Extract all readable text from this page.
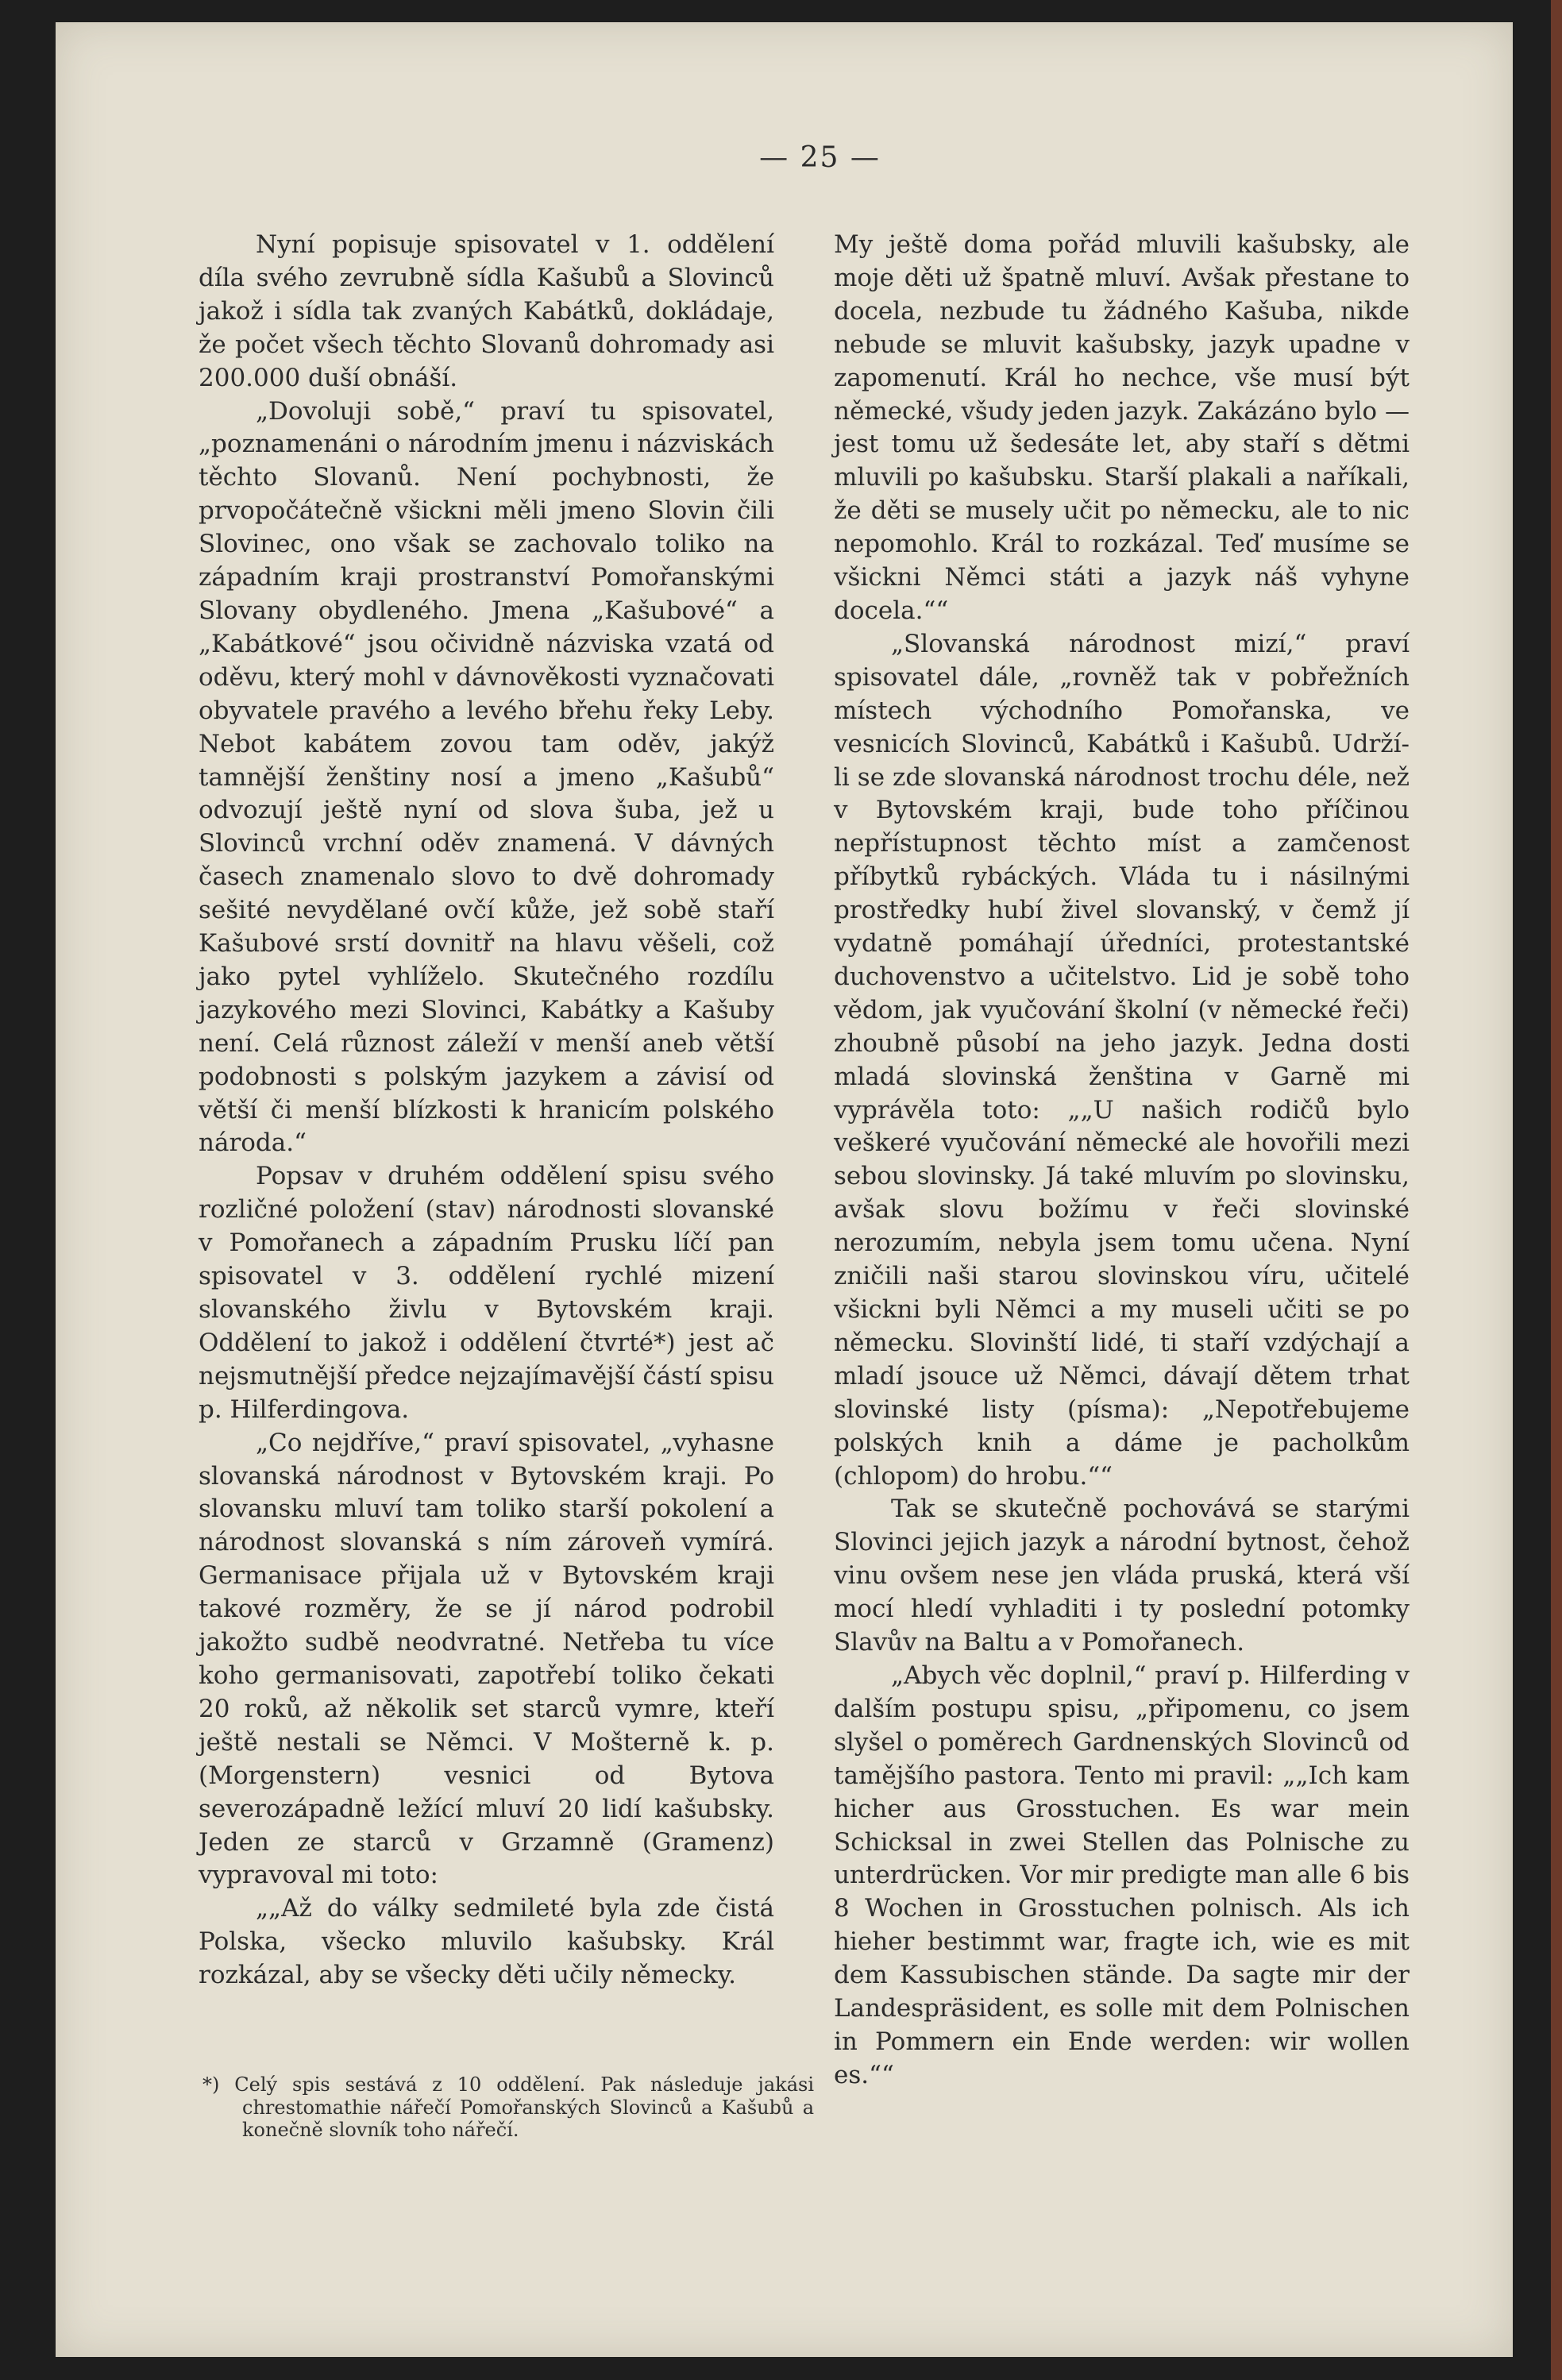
— 25 —

Nyní popisuje spisovatel v 1. oddělení díla svého zevrubně sídla Kašubů a Slovinců jakož i sídla tak zvaných Kabátků, dokládaje, že počet všech těchto Slovanů dohromady asi 200.000 duší obnáší.

„Dovoluji sobě,“ praví tu spisovatel, „poznamenáni o národním jmenu i názviskách těchto Slovanů. Není pochybnosti, že prvopočátečně všickni měli jmeno Slovin čili Slovinec, ono však se zachovalo toliko na západním kraji prostranství Pomořanskými Slovany obydleného. Jmena „Kašubové“ a „Kabátkové“ jsou očividně názviska vzatá od oděvu, který mohl v dávnověkosti vyznačovati obyvatele pravého a levého břehu řeky Leby. Nebot kabátem zovou tam oděv, jakýž tamnější ženštiny nosí a jmeno „Kašubů“ odvozují ještě nyní od slova šuba, jež u Slovinců vrchní oděv znamená. V dávných časech znamenalo slovo to dvě dohromady sešité nevydělané ovčí kůže, jež sobě staří Kašubové srstí dovnitř na hlavu věšeli, což jako pytel vyhlíželo. Skutečného rozdílu jazykového mezi Slovinci, Kabátky a Kašuby není. Celá různost záleží v menší aneb větší podobnosti s polským jazykem a závisí od větší či menší blízkosti k hranicím polského národa.“

Popsav v druhém oddělení spisu svého rozličné položení (stav) národnosti slovanské v Pomořanech a západním Prusku líčí pan spisovatel v 3. oddělení rychlé mizení slovanského živlu v Bytovském kraji. Oddělení to jakož i oddělení čtvrté*) jest ač nejsmutnější předce nejzajímavější částí spisu p. Hilferdingova.

„Co nejdříve,“ praví spisovatel, „vyhasne slovanská národnost v Bytovském kraji. Po slovansku mluví tam toliko starší pokolení a národnost slovanská s ním zároveň vymírá. Germanisace přijala už v Bytovském kraji takové rozměry, že se jí národ podrobil jakožto sudbě neodvratné. Netřeba tu více koho germanisovati, zapotřebí toliko čekati 20 roků, až několik set starců vymre, kteří ještě nestali se Němci. V Mošterně k. p. (Morgenstern) vesnici od Bytova severozápadně ležící mluví 20 lidí kašubsky. Jeden ze starců v Grzamně (Gramenz) vypravoval mi toto:

„„Až do války sedmileté byla zde čistá Polska, všecko mluvilo kašubsky. Král rozkázal, aby se všecky děti učily německy.

My ještě doma pořád mluvili kašubsky, ale moje děti už špatně mluví. Avšak přestane to docela, nezbude tu žádného Kašuba, nikde nebude se mluvit kašubsky, jazyk upadne v zapomenutí. Král ho nechce, vše musí být německé, všudy jeden jazyk. Zakázáno bylo — jest tomu už šedesáte let, aby staří s dětmi mluvili po kašubsku. Starší plakali a naříkali, že děti se musely učit po německu, ale to nic nepomohlo. Král to rozkázal. Teď musíme se všickni Němci státi a jazyk náš vyhyne docela.““

„Slovanská národnost mizí,“ praví spisovatel dále, „rovněž tak v pobřežních místech východního Pomořanska, ve vesnicích Slovinců, Kabátků i Kašubů. Udrží-li se zde slovanská národnost trochu déle, než v Bytovském kraji, bude toho příčinou nepřístupnost těchto míst a zamčenost příbytků rybáckých. Vláda tu i násilnými prostředky hubí živel slovanský, v čemž jí vydatně pomáhají úředníci, protestantské duchovenstvo a učitelstvo. Lid je sobě toho vědom, jak vyučování školní (v německé řeči) zhoubně působí na jeho jazyk. Jedna dosti mladá slovinská ženština v Garně mi vyprávěla toto: „„U našich rodičů bylo veškeré vyučování německé ale hovořili mezi sebou slovinsky. Já také mluvím po slovinsku, avšak slovu božímu v řeči slovinské nerozumím, nebyla jsem tomu učena. Nyní zničili naši starou slovinskou víru, učitelé všickni byli Němci a my museli učiti se po německu. Slovinští lidé, ti staří vzdýchají a mladí jsouce už Němci, dávají dětem trhat slovinské listy (písma): „Nepotřebujeme polských knih a dáme je pacholkům (chlopom) do hrobu.““

Tak se skutečně pochovává se starými Slovinci jejich jazyk a národní bytnost, čehož vinu ovšem nese jen vláda pruská, která vší mocí hledí vyhladiti i ty poslední potomky Slavův na Baltu a v Pomořanech.

„Abych věc doplnil,“ praví p. Hilferding v dalším postupu spisu, „připomenu, co jsem slyšel o poměrech Gardnenských Slovinců od tamějšího pastora. Tento mi pravil: „„Ich kam hicher aus Grosstuchen. Es war mein Schicksal in zwei Stellen das Polnische zu unterdrücken. Vor mir predigte man alle 6 bis 8 Wochen in Grosstuchen polnisch. Als ich hieher bestimmt war, fragte ich, wie es mit dem Kassubischen stände. Da sagte mir der Landespräsident, es solle mit dem Polnischen in Pommern ein Ende werden: wir wollen es.““

*) Celý spis sestává z 10 oddělení. Pak následuje jakási chrestomathie nářečí Pomořanských Slovinců a Kašubů a konečně slovník toho nářečí.
